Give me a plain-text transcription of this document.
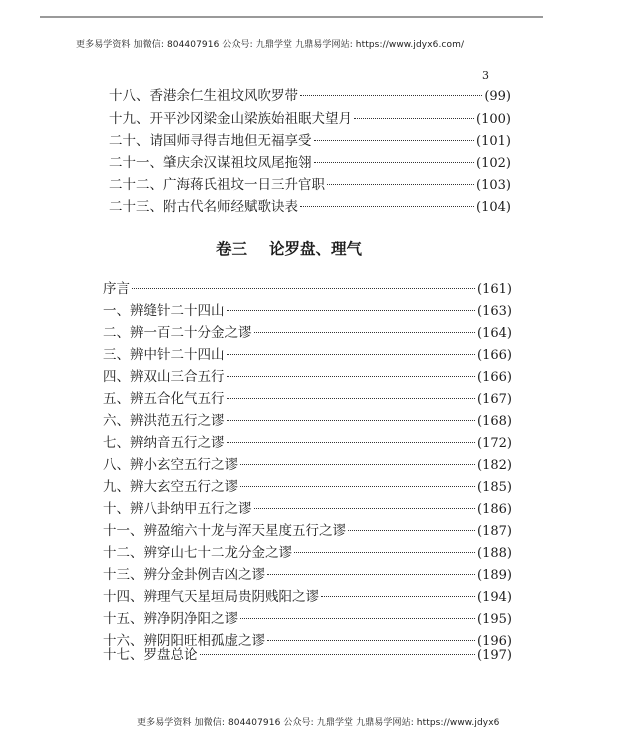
更多易学资料 加微信: 804407916 公众号: 九鼎学堂 九鼎易学网站: https://www.jdyx6.com/
3
十八、香港余仁生祖坟风吹罗带	(99)
十九、开平沙冈梁金山梁族始祖眠犬望月	(100)
二十、请国师寻得吉地但无福享受	(101)
二十一、肇庆余汉谋祖坟凤尾拖翎	(102)
二十二、广海蒋氏祖坟一日三升官职	(103)
二十三、附古代名师经赋歌诀表	(104)
卷三 论罗盘、理气
序言	(161)
一、辨缝针二十四山	(163)
二、辨一百二十分金之谬	(164)
三、辨中针二十四山	(166)
四、辨双山三合五行	(166)
五、辨五合化气五行	(167)
六、辨洪范五行之谬	(168)
七、辨纳音五行之谬	(172)
八、辨小玄空五行之谬	(182)
九、辨大玄空五行之谬	(185)
十、辨八卦纳甲五行之谬	(186)
十一、辨盈缩六十龙与浑天星度五行之谬	(187)
十二、辨穿山七十二龙分金之谬	(188)
十三、辨分金卦例吉凶之谬	(189)
十四、辨理气天星垣局贵阴贱阳之谬	(194)
十五、辨净阴净阳之谬	(195)
十六、辨阴阳旺相孤虚之谬	(196)
十七、罗盘总论	(197)
更多易学资料 加微信: 804407916 公众号: 九鼎学堂 九鼎易学网站: https://www.jdyx6
